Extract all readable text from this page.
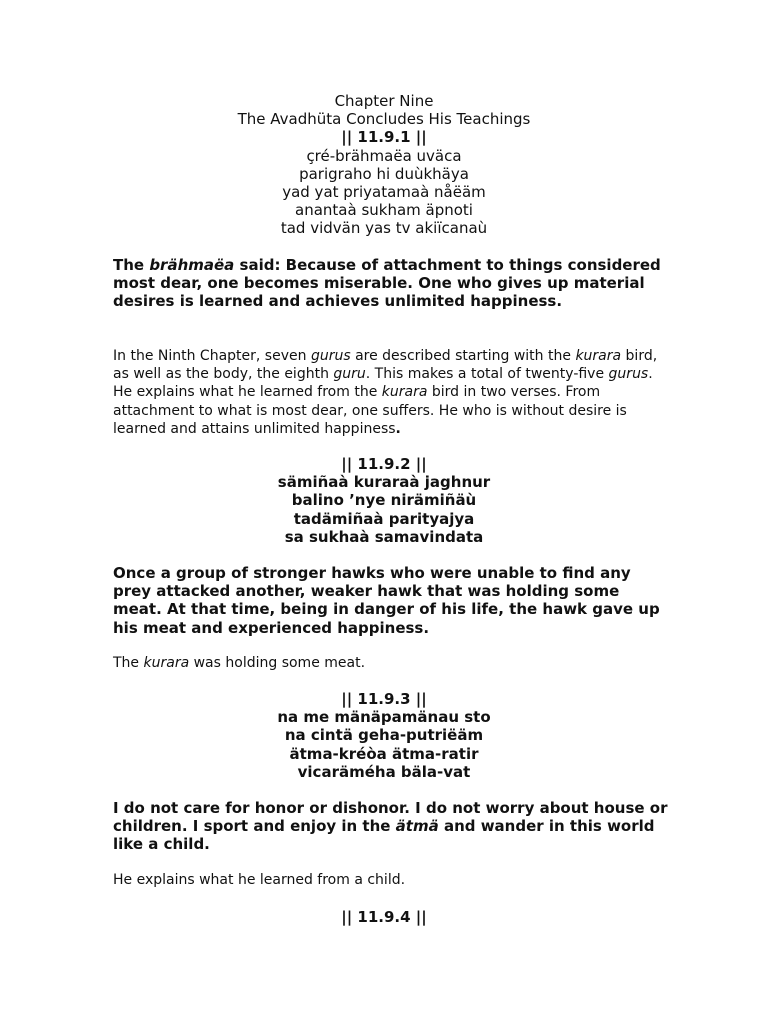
Chapter Nine
The Avadhüta Concludes His Teachings
|| 11.9.1 ||
çré-brähmaëa uväca
parigraho hi duùkhäya
yad yat priyatamaà nåëäm
anantaà sukham äpnoti
tad vidvän yas tv akiïcanaù
The brähmaëa said: Because of attachment to things considered most dear, one becomes miserable. One who gives up material desires is learned and achieves unlimited happiness.
In the Ninth Chapter, seven gurus are described starting with the kurara bird, as well as the body, the eighth guru. This makes a total of twenty-five gurus. He explains what he learned from the kurara bird in two verses. From attachment to what is most dear, one suffers. He who is without desire is learned and attains unlimited happiness.
|| 11.9.2 ||
sämiñaà kuraraà jaghnur
balino ’nye nirämiñäù
tadämiñaà parityajya
sa sukhaà samavindata
Once a group of stronger hawks who were unable to find any prey attacked another, weaker hawk that was holding some meat. At that time, being in danger of his life, the hawk gave up his meat and experienced happiness.
The kurara was holding some meat.
|| 11.9.3 ||
na me mänäpamänau sto
na cintä geha-putriëäm
ätma-kréòa ätma-ratir
vicaräméha bäla-vat
I do not care for honor or dishonor. I do not worry about house or children. I sport and enjoy in the ätmä and wander in this world like a child.
He explains what he learned from a child.
|| 11.9.4 ||
